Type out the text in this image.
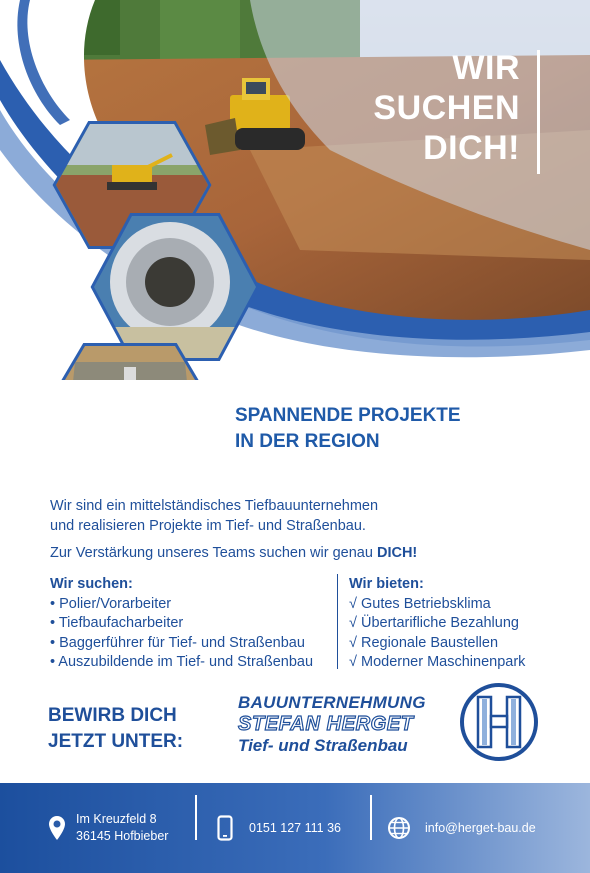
WIR
SUCHEN
DICH!
SPANNENDE PROJEKTE
IN DER REGION
Wir sind ein mittelständisches Tiefbauunternehmen
und realisieren Projekte im Tief- und Straßenbau.
Zur Verstärkung unseres Teams suchen wir genau DICH!
Wir suchen:
• Polier/Vorarbeiter
• Tiefbaufacharbeiter
• Baggerführer für Tief- und Straßenbau
• Auszubildende im Tief- und Straßenbau
Wir bieten:
√ Gutes Betriebsklima
√ Übertarifliche Bezahlung
√ Regionale Baustellen
√ Moderner Maschinenpark
BEWIRB DICH
JETZT UNTER:
BAUUNTERNEHMUNG
STEFAN HERGET
Tief- und Straßenbau
Im Kreuzfeld 8
36145 Hofbieber
0151 127 111 36	info@herget-bau.de
